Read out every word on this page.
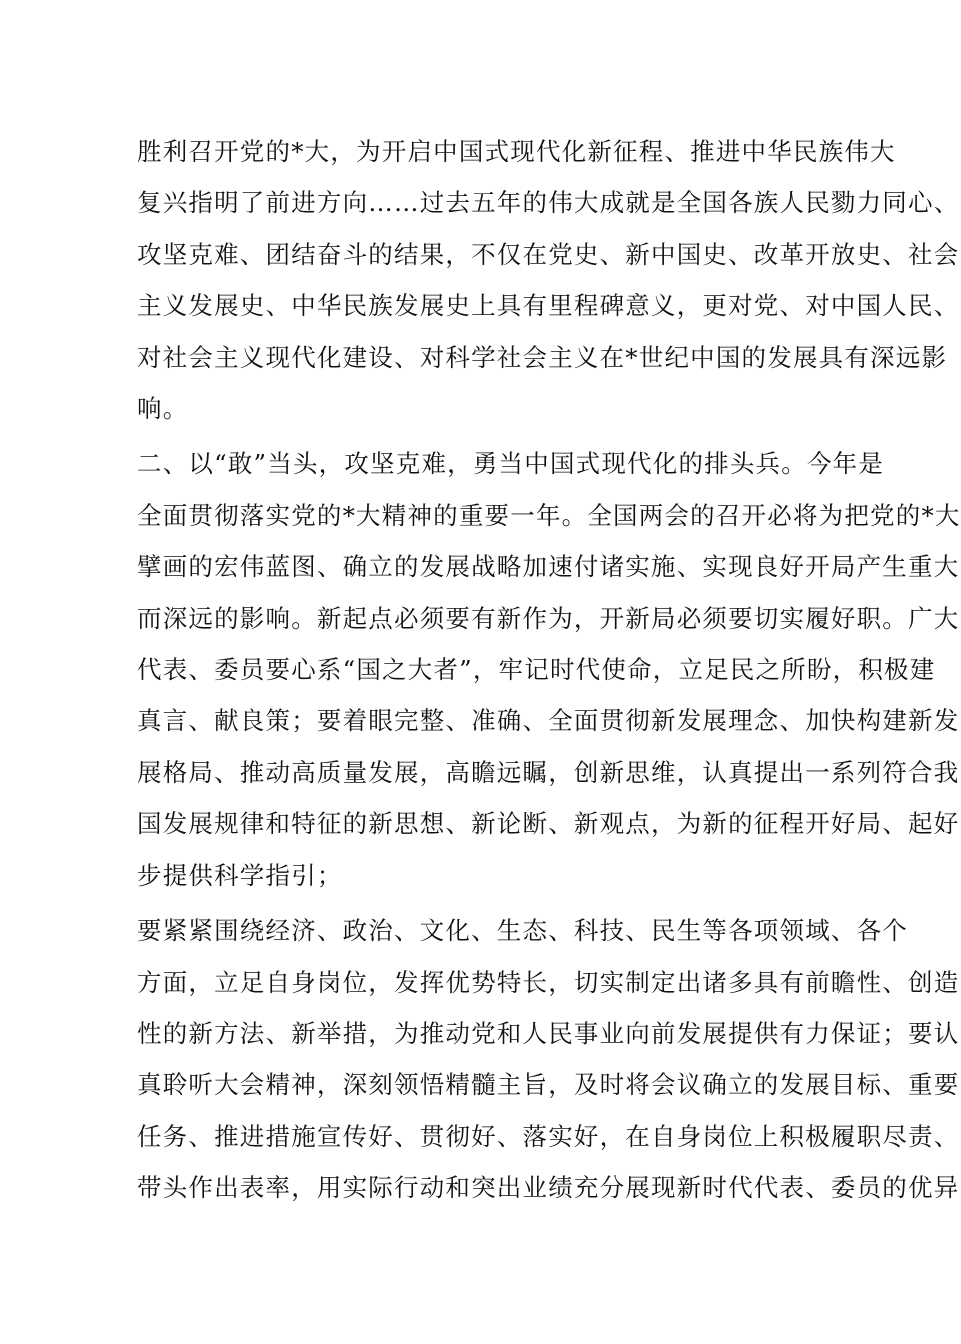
胜利召开党的*大，为开启中国式现代化新征程、推进中华民族伟大
复兴指明了前进方向……过去五年的伟大成就是全国各族人民勠力同心、
攻坚克难、团结奋斗的结果，不仅在党史、新中国史、改革开放史、社会
主义发展史、中华民族发展史上具有里程碑意义，更对党、对中国人民、
对社会主义现代化建设、对科学社会主义在*世纪中国的发展具有深远影
响。
二、以“敢”当头，攻坚克难，勇当中国式现代化的排头兵。今年是
全面贯彻落实党的*大精神的重要一年。全国两会的召开必将为把党的*大
擘画的宏伟蓝图、确立的发展战略加速付诸实施、实现良好开局产生重大
而深远的影响。新起点必须要有新作为，开新局必须要切实履好职。广大
代表、委员要心系“国之大者”，牢记时代使命，立足民之所盼，积极建
真言、献良策；要着眼完整、准确、全面贯彻新发展理念、加快构建新发
展格局、推动高质量发展，高瞻远瞩，创新思维，认真提出一系列符合我
国发展规律和特征的新思想、新论断、新观点，为新的征程开好局、起好
步提供科学指引；
要紧紧围绕经济、政治、文化、生态、科技、民生等各项领域、各个
方面，立足自身岗位，发挥优势特长，切实制定出诸多具有前瞻性、创造
性的新方法、新举措，为推动党和人民事业向前发展提供有力保证；要认
真聆听大会精神，深刻领悟精髓主旨，及时将会议确立的发展目标、重要
任务、推进措施宣传好、贯彻好、落实好，在自身岗位上积极履职尽责、
带头作出表率，用实际行动和突出业绩充分展现新时代代表、委员的优异
